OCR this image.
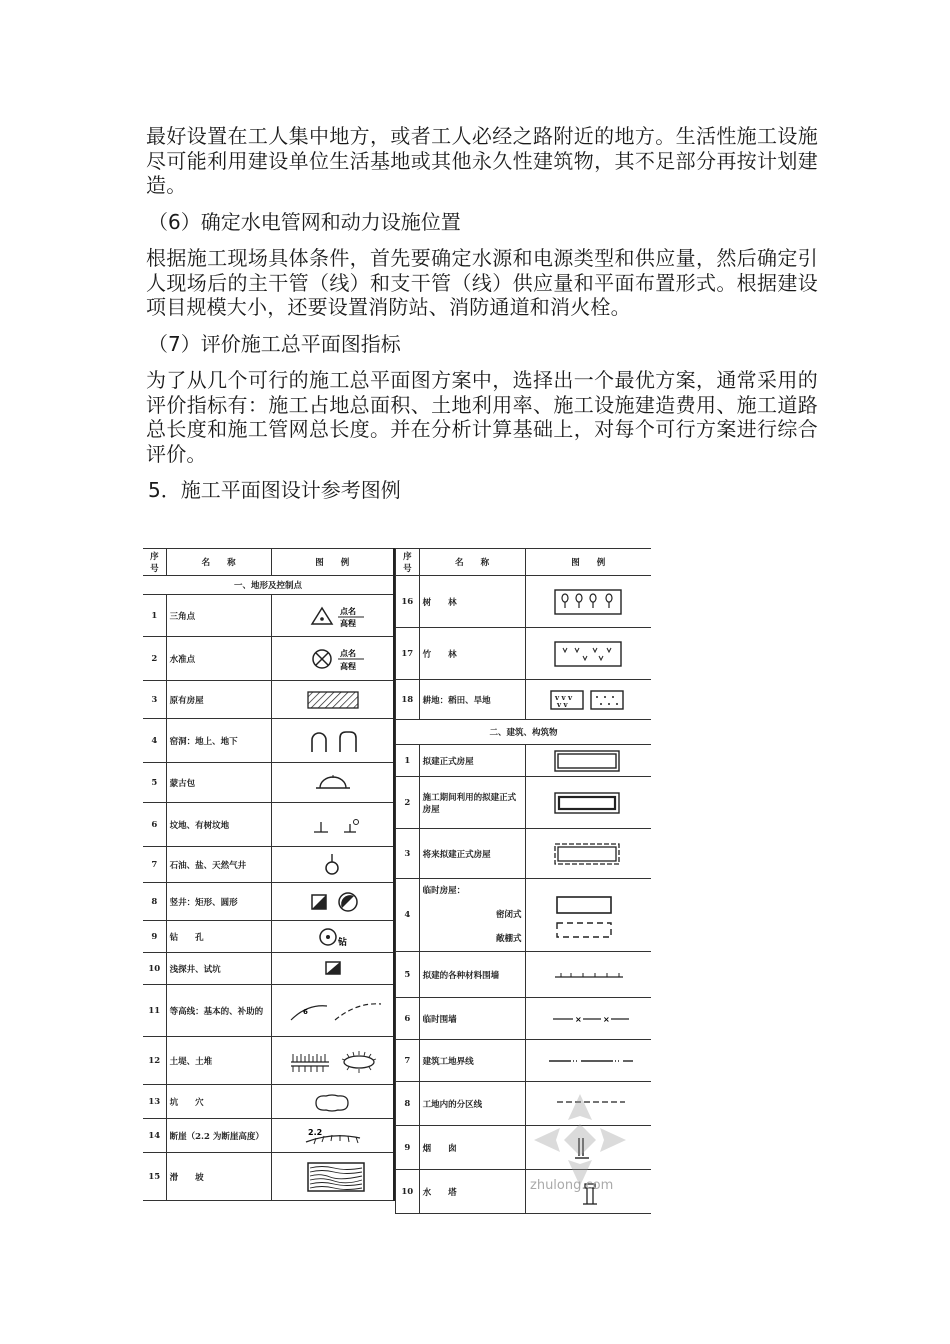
最好设置在工人集中地方，或者工人必经之路附近的地方。生活性施工设施尽可能利用建设单位生活基地或其他永久性建筑物，其不足部分再按计划建造。

（6）确定水电管网和动力设施位置

根据施工现场具体条件，首先要确定水源和电源类型和供应量，然后确定引人现场后的主干管（线）和支干管（线）供应量和平面布置形式。根据建设项目规模大小，还要设置消防站、消防通道和消火栓。

（7）评价施工总平面图指标

为了从几个可行的施工总平面图方案中，选择出一个最优方案，通常采用的评价指标有：施工占地总面积、土地利用率、施工设施建造费用、施工道路总长度和施工管网总长度。并在分析计算基础上，对每个可行方案进行综合评价。

5．施工平面图设计参考图例

序号	名　　称	图　　例
一、地形及控制点		
1	三角点	点名
高程

2	水准点	点名
高程

3	原有房屋	

4	窑洞：地上、地下	

5	蒙古包	

6	坟地、有树坟地	

7	石油、盐、天然气井	

8	竖井：矩形、圆形	

9	钻　　孔	钻

10	浅探井、试坑	

11	等高线：基本的、补助的	6

12	土堤、土堆	

13	坑　　穴	

14	断崖（2.2 为断崖高度）	2.2

15	滑　　坡	
序号	名　　称	图　　例
16	树　　林	

17	竹　　林	

18	耕地：稻田、旱地	v v v
v v

二、建筑、构筑物		
1	拟建正式房屋	

2	施工期间利用的拟建正式房屋	

3	将来拟建正式房屋	

4	临时房屋：
密闭式
敞棚式

5	拟建的各种材料围墙	

6	临时围墙	× ×

7	建筑工地界线	

8	工地内的分区线	

9	烟　　囱	

10	水　　塔		zhulong.com
